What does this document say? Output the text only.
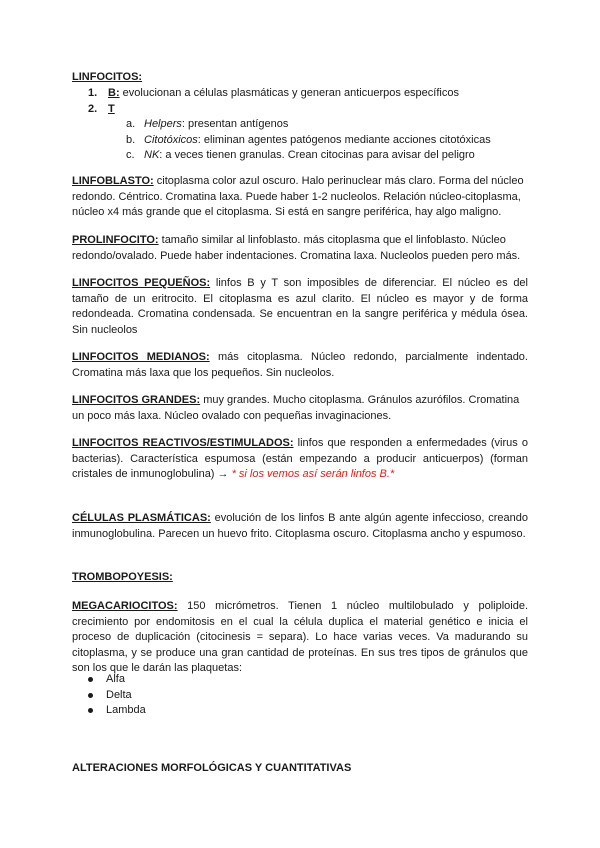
LINFOCITOS:
1. B: evolucionan a células plasmáticas y generan anticuerpos específicos
2. T
a. Helpers: presentan antígenos
b. Citotóxicos: eliminan agentes patógenos mediante acciones citotóxicas
c. NK: a veces tienen granulas. Crean citocinas para avisar del peligro
LINFOBLASTO: citoplasma color azul oscuro. Halo perinuclear más claro. Forma del núcleo redondo. Céntrico. Cromatina laxa. Puede haber 1-2 nucleolos. Relación núcleo-citoplasma, núcleo x4 más grande que el citoplasma. Si está en sangre periférica, hay algo maligno.
PROLINFOCITO: tamaño similar al linfoblasto. más citoplasma que el linfoblasto. Núcleo redondo/ovalado. Puede haber indentaciones. Cromatina laxa. Nucleolos pueden pero más.
LINFOCITOS PEQUEÑOS: linfos B y T son imposibles de diferenciar. El núcleo es del tamaño de un eritrocito. El citoplasma es azul clarito. El núcleo es mayor y de forma redondeada. Cromatina condensada. Se encuentran en la sangre periférica y médula ósea. Sin nucleolos
LINFOCITOS MEDIANOS: más citoplasma. Núcleo redondo, parcialmente indentado. Cromatina más laxa que los pequeños. Sin nucleolos.
LINFOCITOS GRANDES: muy grandes. Mucho citoplasma. Gránulos azurófilos. Cromatina un poco más laxa. Núcleo ovalado con pequeñas invaginaciones.
LINFOCITOS REACTIVOS/ESTIMULADOS: linfos que responden a enfermedades (virus o bacterias). Característica espumosa (están empezando a producir anticuerpos) (forman cristales de inmunoglobulina) → * si los vemos así serán linfos B.*
CÉLULAS PLASMÁTICAS: evolución de los linfos B ante algún agente infeccioso, creando inmunoglobulina. Parecen un huevo frito. Citoplasma oscuro. Citoplasma ancho y espumoso.
TROMBOPOYESIS:
MEGACARIOCITOS: 150 micrómetros. Tienen 1 núcleo multilobulado y poliploide. crecimiento por endomitosis en el cual la célula duplica el material genético e inicia el proceso de duplicación (citocinesis = separa). Lo hace varias veces. Va madurando su citoplasma, y se produce una gran cantidad de proteínas. En sus tres tipos de gránulos que son los que le darán las plaquetas:
Alfa
Delta
Lambda
ALTERACIONES MORFOLÓGICAS Y CUANTITATIVAS
